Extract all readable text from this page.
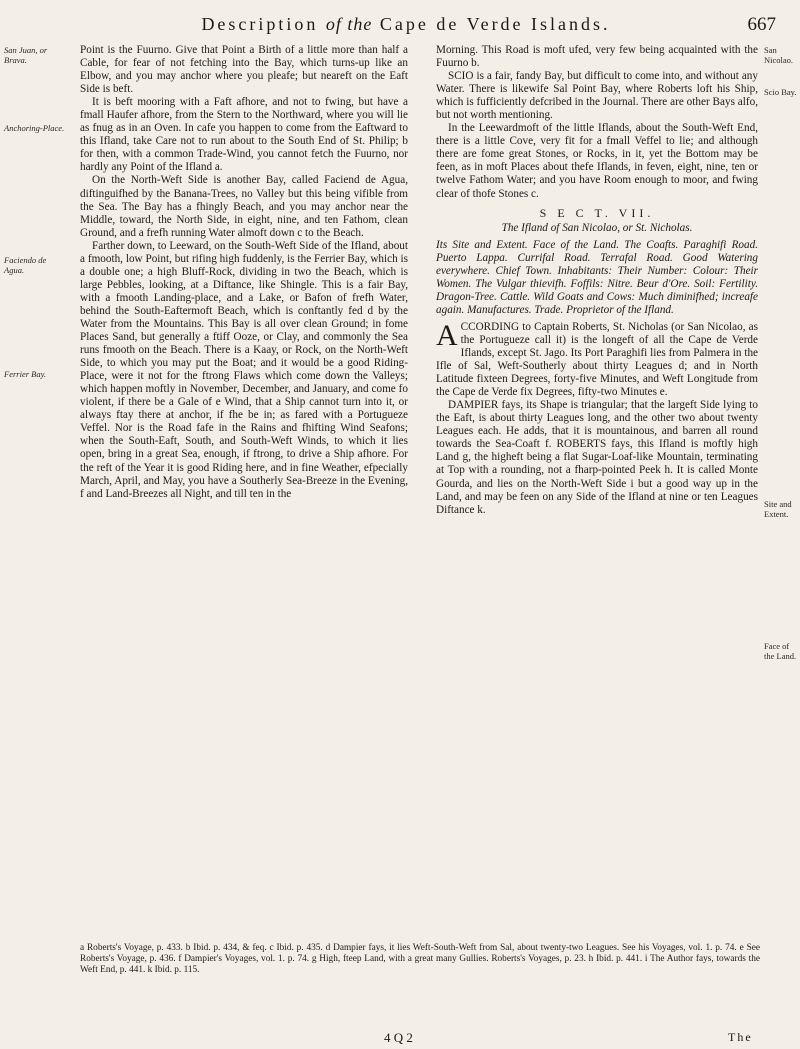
Description of the Cape de Verde Islands.	667
San Juan, or Brava.
Anchoring-Place.
Faciendo de Agua.
Ferrier Bay.
San Nicolao.
Scio Bay.
Site and Extent.
Face of the Land.

Point is the Fuurno. Give that Point a Birth of a little more than half a Cable, for fear of not fetching into the Bay, which turns-up like an Elbow, and you may anchor where you pleafe; but neareft on the Eaft Side is beft.

It is beft mooring with a Faft afhore, and not to fwing, but have a fmall Haufer afhore, from the Stern to the Northward, where you will lie as fnug as in an Oven. In cafe you happen to come from the Eaftward to this Ifland, take Care not to run about to the South End of St. Philip; b for then, with a common Trade-Wind, you cannot fetch the Fuurno, nor hardly any Point of the Ifland a.

On the North-Weft Side is another Bay, called Faciend de Agua, diftinguifhed by the Banana-Trees, no Valley but this being vifible from the Sea. The Bay has a fhingly Beach, and you may anchor near the Middle, toward, the North Side, in eight, nine, and ten Fathom, clean Ground, and a frefh running Water almoft down c to the Beach.

Farther down, to Leeward, on the South-Weft Side of the Ifland, about a fmooth, low Point, but rifing high fuddenly, is the Ferrier Bay, which is a double one; a high Bluff-Rock, dividing in two the Beach, which is large Pebbles, looking, at a Diftance, like Shingle. This is a fair Bay, with a fmooth Landing-place, and a Lake, or Bafon of frefh Water, behind the South-Eaftermoft Beach, which is conftantly fed d by the Water from the Mountains. This Bay is all over clean Ground; in fome Places Sand, but generally a ftiff Ooze, or Clay, and commonly the Sea runs fmooth on the Beach. There is a Kaay, or Rock, on the North-Weft Side, to which you may put the Boat; and it would be a good Riding-Place, were it not for the ftrong Flaws which come down the Valleys; which happen moftly in November, December, and January, and come fo violent, if there be a Gale of e Wind, that a Ship cannot turn into it, or always ftay there at anchor, if fhe be in; as fared with a Portugueze Veffel. Nor is the Road fafe in the Rains and fhifting Wind Seafons; when the South-Eaft, South, and South-Weft Winds, to which it lies open, bring in a great Sea, enough, if ftrong, to drive a Ship afhore. For the reft of the Year it is good Riding here, and in fine Weather, efpecially March, April, and May, you have a Southerly Sea-Breeze in the Evening, f and Land-Breezes all Night, and till ten in the

Morning. This Road is moft ufed, very few being acquainted with the Fuurno b.

SCIO is a fair, fandy Bay, but difficult to come into, and without any Water. There is likewife Sal Point Bay, where Roberts loft his Ship, which is fufficiently defcribed in the Journal. There are other Bays alfo, but not worth mentioning.

In the Leewardmoft of the little Iflands, about the South-Weft End, there is a little Cove, very fit for a fmall Veffel to lie; and although there are fome great Stones, or Rocks, in it, yet the Bottom may be feen, as in moft Places about thefe Iflands, in feven, eight, nine, ten or twelve Fathom Water; and you have Room enough to moor, and fwing clear of thofe Stones c.

S E C T. VII.
The Ifland of San Nicolao, or St. Nicholas.

Its Site and Extent. Face of the Land. The Coafts. Paraghifi Road. Puerto Lappa. Currifal Road. Terrafal Road. Good Watering everywhere. Chief Town. Inhabitants: Their Number: Colour: Their Women. The Vulgar thievifh. Foffils: Nitre. Beur d'Ore. Soil: Fertility. Dragon-Tree. Cattle. Wild Goats and Cows: Much diminifhed; increafe again. Manufactures. Trade. Proprietor of the Ifland.

ACCORDING to Captain Roberts, St. Nicholas (or San Nicolao, as the Portugueze call it) is the longeft of all the Cape de Verde Iflands, except St. Jago. Its Port Paraghifi lies from Palmera in the Ifle of Sal, Weft-Southerly about thirty Leagues d; and in North Latitude fixteen Degrees, forty-five Minutes, and Weft Longitude from the Cape de Verde fix Degrees, fifty-two Minutes e.

DAMPIER fays, its Shape is triangular; that the largeft Side lying to the Eaft, is about thirty Leagues long, and the other two about twenty Leagues each. He adds, that it is mountainous, and barren all round towards the Sea-Coaft f. ROBERTS fays, this Ifland is moftly high Land g, the higheft being a flat Sugar-Loaf-like Mountain, terminating at Top with a rounding, not a fharp-pointed Peek h. It is called Monte Gourda, and lies on the North-Weft Side i but a good way up in the Land, and may be feen on any Side of the Ifland at nine or ten Leagues Diftance k.

a Roberts's Voyage, p. 433. b Ibid. p. 434, & feq. c Ibid. p. 435. d Dampier fays, it lies Weft-South-Weft from Sal, about twenty-two Leagues. See his Voyages, vol. 1. p. 74. e See Roberts's Voyage, p. 436. f Dampier's Voyages, vol. 1. p. 74. g High, fteep Land, with a great many Gullies. Roberts's Voyages, p. 23. h Ibid. p. 441. i The Author fays, towards the Weft End, p. 441. k Ibid. p. 115.
4 Q 2	The
